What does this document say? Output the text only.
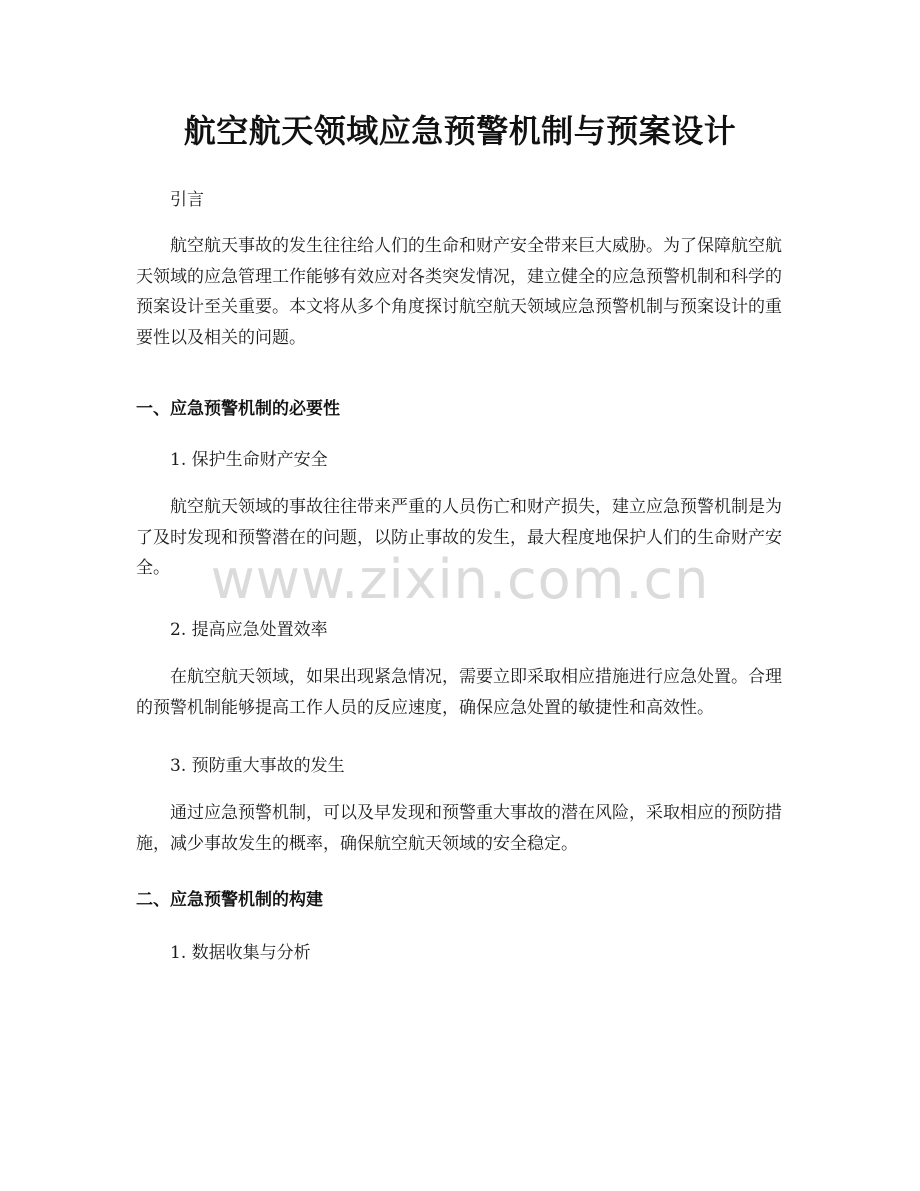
航空航天领域应急预警机制与预案设计

引言

航空航天事故的发生往往给人们的生命和财产安全带来巨大威胁。为了保障航空航天领域的应急管理工作能够有效应对各类突发情况，建立健全的应急预警机制和科学的预案设计至关重要。本文将从多个角度探讨航空航天领域应急预警机制与预案设计的重要性以及相关的问题。

一、应急预警机制的必要性

1. 保护生命财产安全

航空航天领域的事故往往带来严重的人员伤亡和财产损失，建立应急预警机制是为了及时发现和预警潜在的问题，以防止事故的发生，最大程度地保护人们的生命财产安全。

2. 提高应急处置效率

在航空航天领域，如果出现紧急情况，需要立即采取相应措施进行应急处置。合理的预警机制能够提高工作人员的反应速度，确保应急处置的敏捷性和高效性。

3. 预防重大事故的发生

通过应急预警机制，可以及早发现和预警重大事故的潜在风险，采取相应的预防措施，减少事故发生的概率，确保航空航天领域的安全稳定。

二、应急预警机制的构建

1. 数据收集与分析

www.zixin.com.cn
